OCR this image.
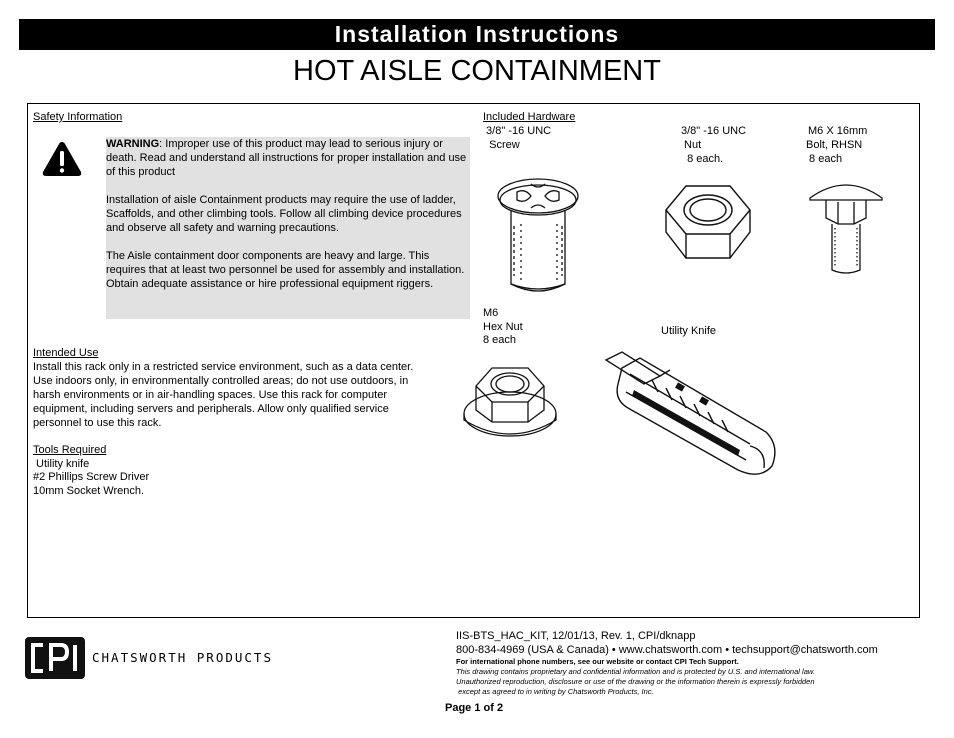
Installation Instructions
HOT AISLE CONTAINMENT
Safety Information

WARNING: Improper use of this product may lead to serious injury or death. Read and understand all instructions for proper installation and use of this product

Installation of aisle Containment products may require the use of ladder, Scaffolds, and other climbing tools. Follow all climbing device procedures and observe all safety and warning precautions.

The Aisle containment door components are heavy and large. This requires that at least two personnel be used for assembly and installation. Obtain adequate assistance or hire professional equipment riggers.

Intended Use
Install this rack only in a restricted service environment, such as a data center.
Use indoors only, in environmentally controlled areas; do not use outdoors, in
harsh environments or in air-handling spaces. Use this rack for computer
equipment, including servers and peripherals. Allow only qualified service
personnel to use this rack.
Tools Required
Utility knife
#2 Phillips Screw Driver
10mm Socket Wrench.
Included Hardware
3/8" -16 UNC
Screw
3/8" -16 UNC
Nut
8 each.
M6 X 16mm
Bolt, RHSN
8 each
M6
Hex Nut
8 each
Utility Knife
CHATSWORTH PRODUCTS
IIS-BTS_HAC_KIT, 12/01/13, Rev. 1, CPI/dknapp
800-834-4969 (USA & Canada) • www.chatsworth.com • techsupport@chatsworth.com
For international phone numbers, see our website or contact CPI Tech Support.
This drawing contains proprietary and confidential information and is protected by U.S. and international law.
Unauthorized reproduction, disclosure or use of the drawing or the information therein is expressly forbidden
except as agreed to in writing by Chatsworth Products, Inc.
Page 1 of 2
